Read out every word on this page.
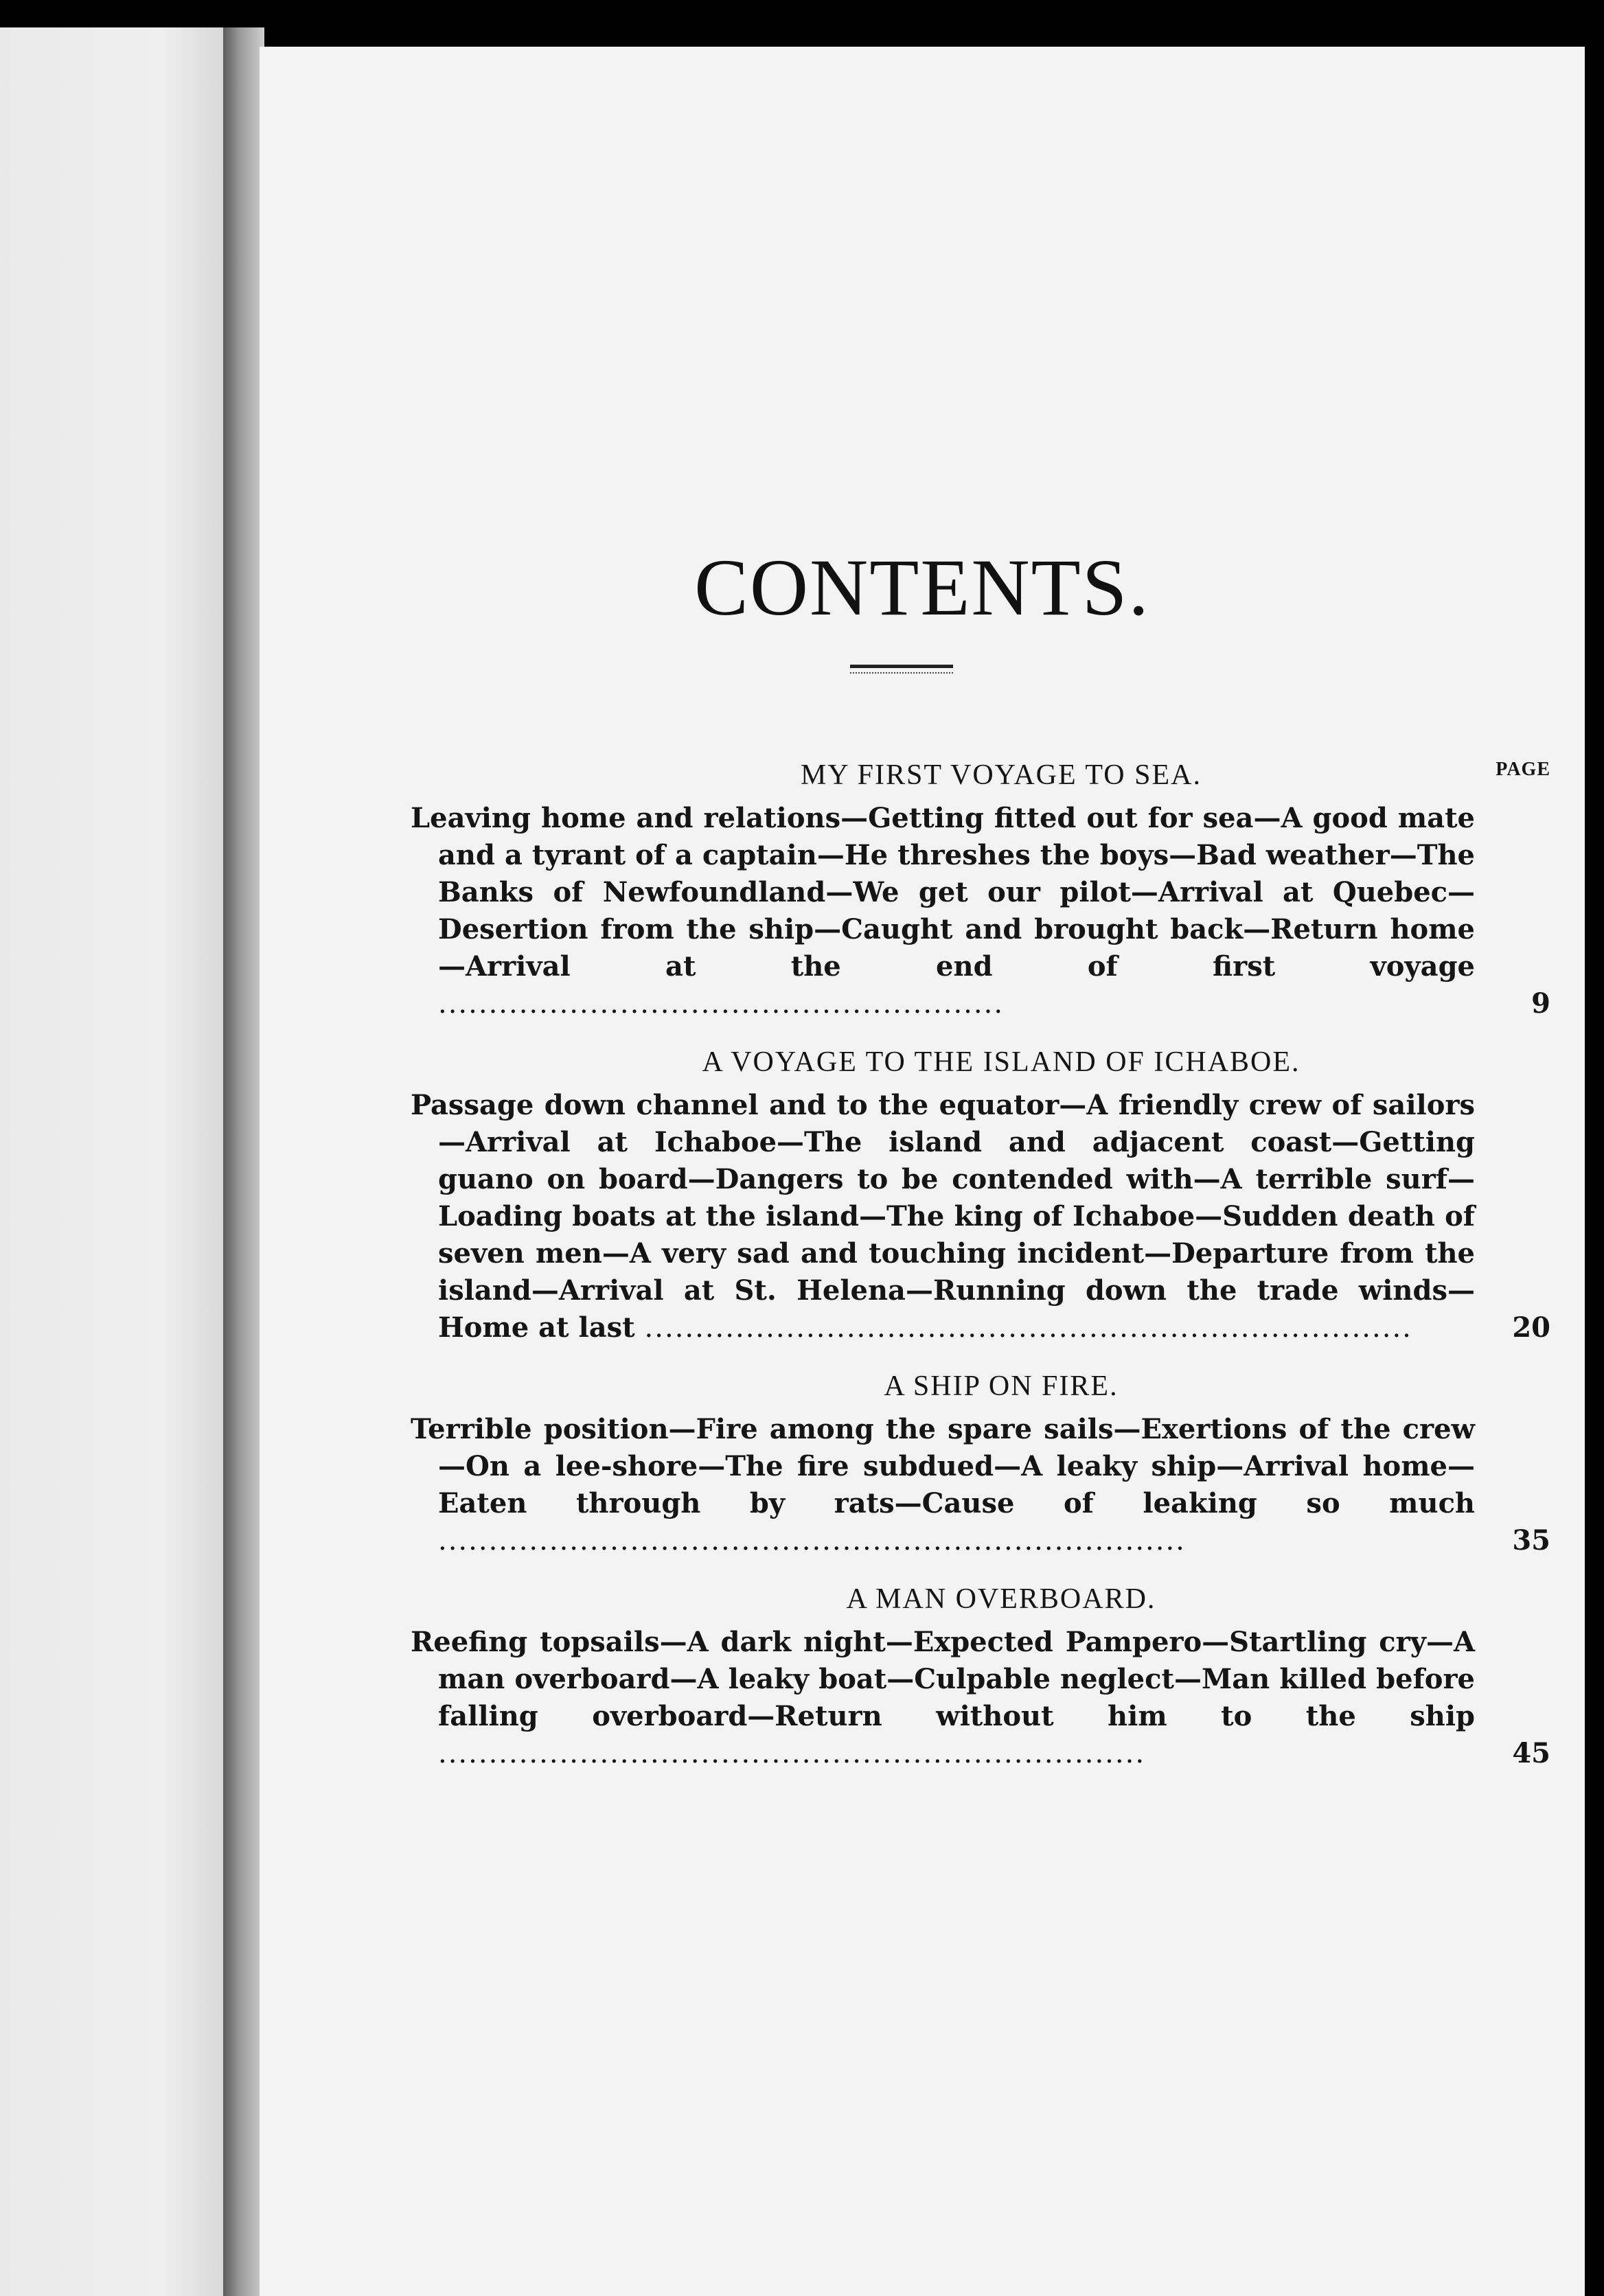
CONTENTS.
MY FIRST VOYAGE TO SEA.	PAGE
Leaving home and relations—Getting fitted out for sea—A good mate and a tyrant of a captain—He threshes the boys—Bad weather—The Banks of Newfoundland—We get our pilot—Arrival at Quebec—Desertion from the ship—Caught and brought back—Return home—Arrival at the end of first voyage ........................................................	9
A VOYAGE TO THE ISLAND OF ICHABOE.
Passage down channel and to the equator—A friendly crew of sailors—Arrival at Ichaboe—The island and adjacent coast—Getting guano on board—Dangers to be contended with—A terrible surf—Loading boats at the island—The king of Ichaboe—Sudden death of seven men—A very sad and touching incident—Departure from the island—Arrival at St. Helena—Running down the trade winds—Home at last ............................................................................	20
A SHIP ON FIRE.
Terrible position—Fire among the spare sails—Exertions of the crew—On a lee-shore—The fire subdued—A leaky ship—Arrival home—Eaten through by rats—Cause of leaking so much ..........................................................................	35
A MAN OVERBOARD.
Reefing topsails—A dark night—Expected Pampero—Startling cry—A man overboard—A leaky boat—Culpable neglect—Man killed before falling overboard—Return without him to the ship ......................................................................	45
